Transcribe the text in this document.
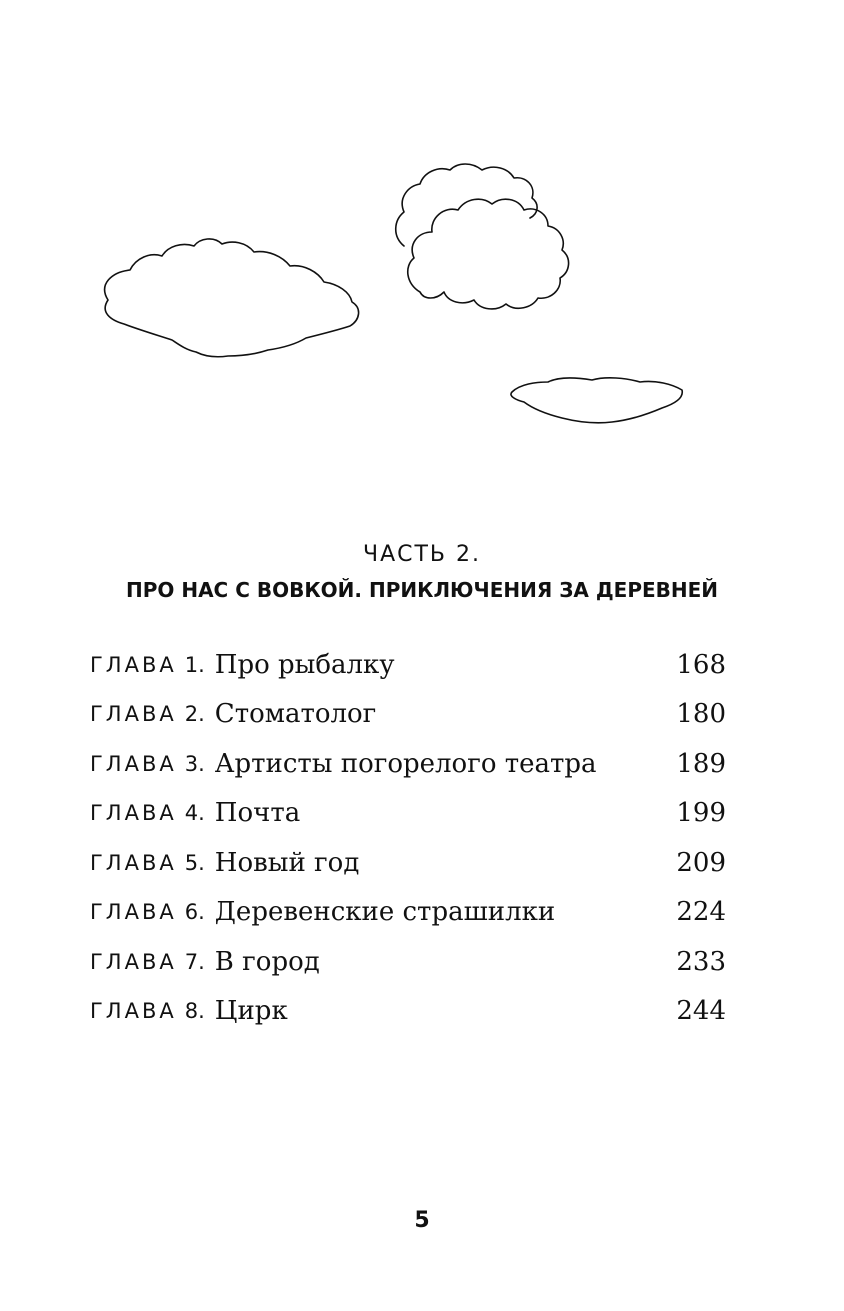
ЧАСТЬ 2.
ПРО НАС С ВОВКОЙ. ПРИКЛЮЧЕНИЯ ЗА ДЕРЕВНЕЙ
ГЛАВА 1. Про рыбалку	168
ГЛАВА 2. Стоматолог	180
ГЛАВА 3. Артисты погорелого театра	189
ГЛАВА 4. Почта	199
ГЛАВА 5. Новый год	209
ГЛАВА 6. Деревенские страшилки	224
ГЛАВА 7. В город	233
ГЛАВА 8. Цирк	244
5
